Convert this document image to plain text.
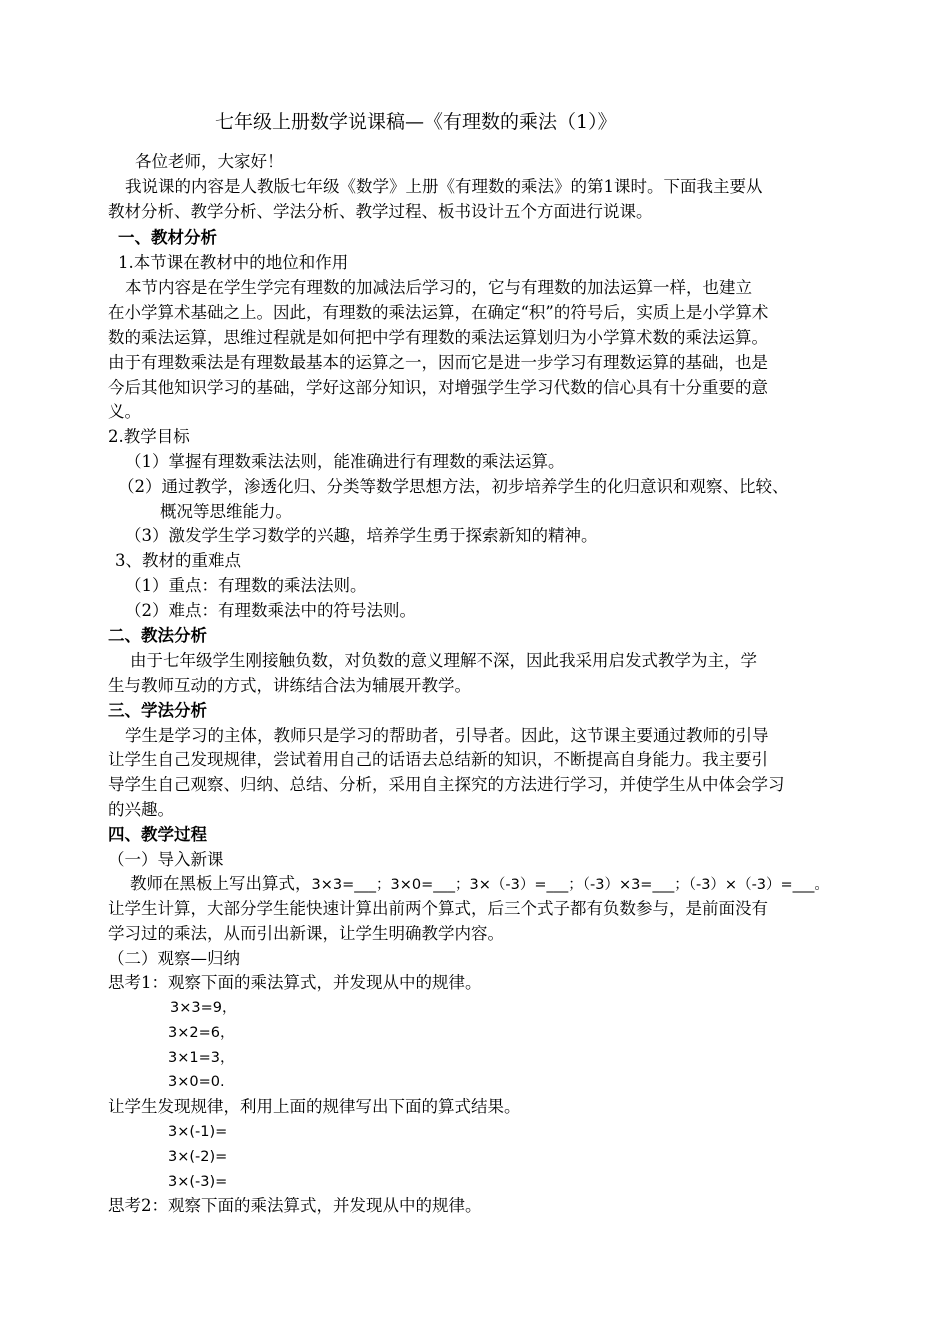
七年级上册数学说课稿—《有理数的乘法（1）》
各位老师，大家好！
我说课的内容是人教版七年级《数学》上册《有理数的乘法》的第1课时。下面我主要从
教材分析、教学分析、学法分析、教学过程、板书设计五个方面进行说课。
一、教材分析
1.本节课在教材中的地位和作用
本节内容是在学生学完有理数的加减法后学习的，它与有理数的加法运算一样，也建立
在小学算术基础之上。因此，有理数的乘法运算，在确定“积”的符号后，实质上是小学算术
数的乘法运算，思维过程就是如何把中学有理数的乘法运算划归为小学算术数的乘法运算。
由于有理数乘法是有理数最基本的运算之一，因而它是进一步学习有理数运算的基础，也是
今后其他知识学习的基础，学好这部分知识，对增强学生学习代数的信心具有十分重要的意
义。
2.教学目标
（1）掌握有理数乘法法则，能准确进行有理数的乘法运算。
（2）通过教学，渗透化归、分类等数学思想方法，初步培养学生的化归意识和观察、比较、
概况等思维能力。
（3）激发学生学习数学的兴趣，培养学生勇于探索新知的精神。
3、教材的重难点
（1）重点：有理数的乘法法则。
（2）难点：有理数乘法中的符号法则。
二、教法分析
由于七年级学生刚接触负数，对负数的意义理解不深，因此我采用启发式教学为主，学
生与教师互动的方式，讲练结合法为辅展开教学。
三、学法分析
学生是学习的主体，教师只是学习的帮助者，引导者。因此，这节课主要通过教师的引导
让学生自己发现规律，尝试着用自己的话语去总结新的知识，不断提高自身能力。我主要引
导学生自己观察、归纳、总结、分析，采用自主探究的方法进行学习，并使学生从中体会学习
的兴趣。
四、教学过程
（一）导入新课
教师在黑板上写出算式，3×3=___；3×0=___；3×（-3）=___；（-3）×3=___；（-3）×（-3）=___。
让学生计算，大部分学生能快速计算出前两个算式，后三个式子都有负数参与，是前面没有
学习过的乘法，从而引出新课，让学生明确教学内容。
（二）观察—归纳
思考1：观察下面的乘法算式，并发现从中的规律。
3×3=9，
3×2=6，
3×1=3，
3×0=0.
让学生发现规律，利用上面的规律写出下面的算式结果。
3×(-1)=
3×(-2)=
3×(-3)=
思考2：观察下面的乘法算式，并发现从中的规律。
